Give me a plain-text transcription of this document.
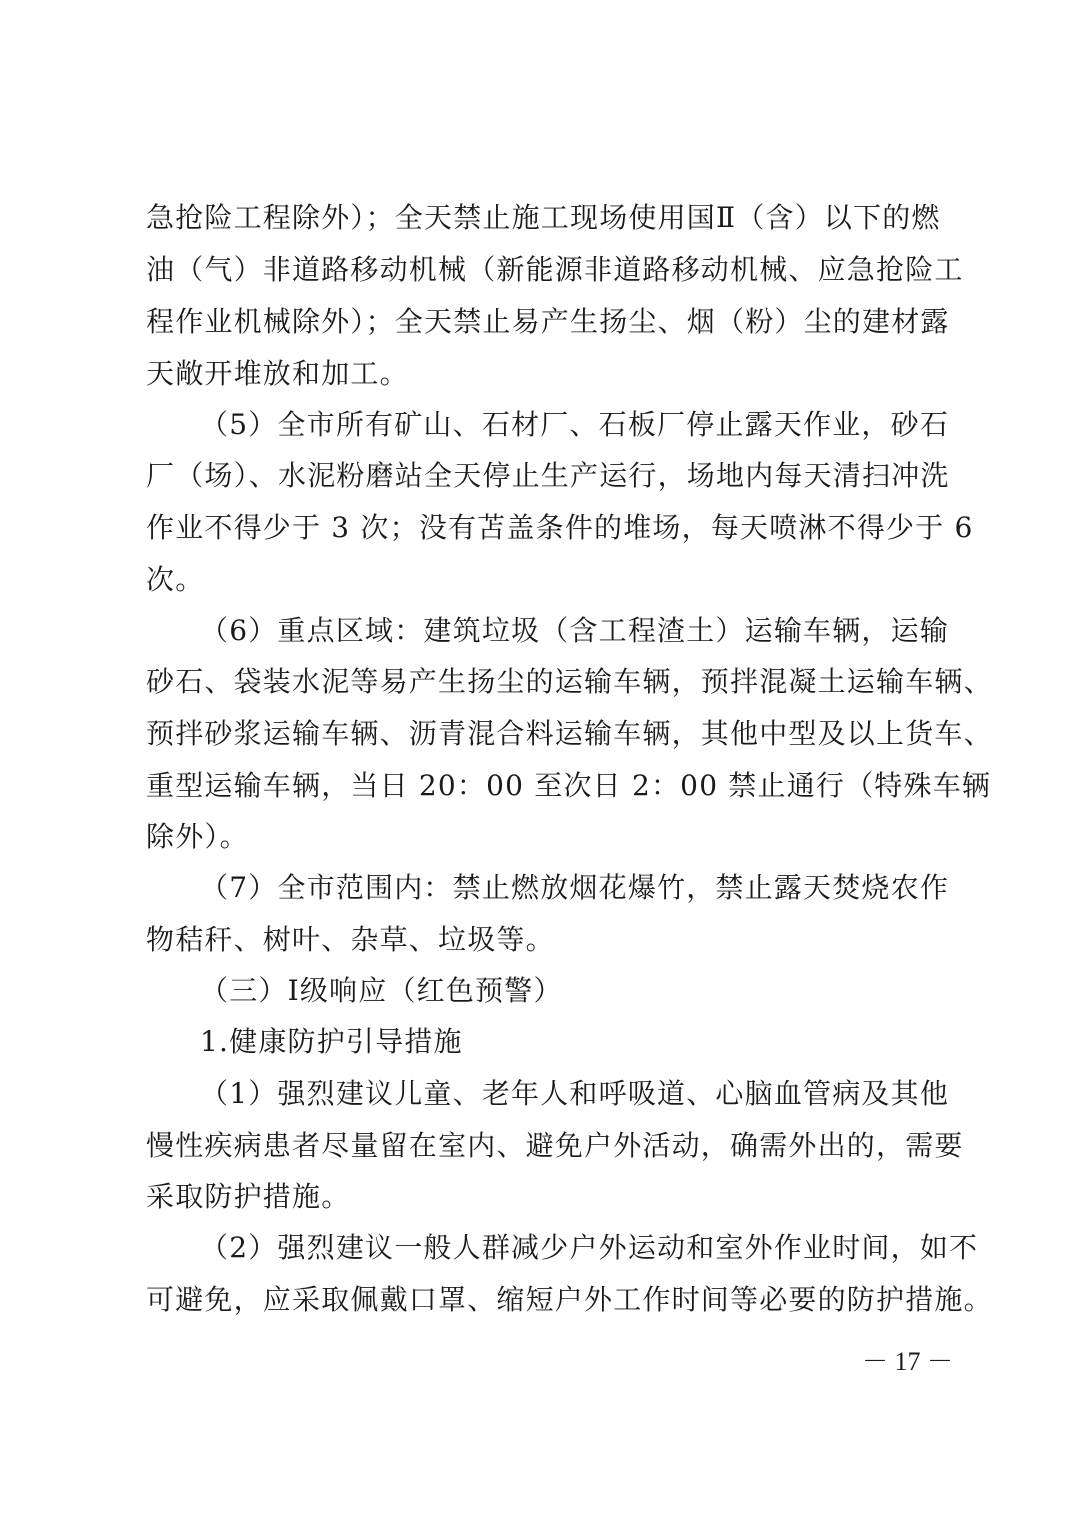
急抢险工程除外）；全天禁止施工现场使用国Ⅱ（含）以下的燃
油（气）非道路移动机械（新能源非道路移动机械、应急抢险工
程作业机械除外）；全天禁止易产生扬尘、烟（粉）尘的建材露
天敞开堆放和加工。
（5）全市所有矿山、石材厂、石板厂停止露天作业，砂石
厂（场）、水泥粉磨站全天停止生产运行，场地内每天清扫冲洗
作业不得少于 3 次；没有苫盖条件的堆场，每天喷淋不得少于 6
次。
（6）重点区域：建筑垃圾（含工程渣土）运输车辆，运输
砂石、袋装水泥等易产生扬尘的运输车辆，预拌混凝土运输车辆、
预拌砂浆运输车辆、沥青混合料运输车辆，其他中型及以上货车、
重型运输车辆，当日 20：00 至次日 2：00 禁止通行（特殊车辆
除外）。
（7）全市范围内：禁止燃放烟花爆竹，禁止露天焚烧农作
物秸秆、树叶、杂草、垃圾等。
（三）Ⅰ级响应（红色预警）
1.健康防护引导措施
（1）强烈建议儿童、老年人和呼吸道、心脑血管病及其他
慢性疾病患者尽量留在室内、避免户外活动，确需外出的，需要
采取防护措施。
（2）强烈建议一般人群减少户外运动和室外作业时间，如不
可避免，应采取佩戴口罩、缩短户外工作时间等必要的防护措施。
－ 17 －
